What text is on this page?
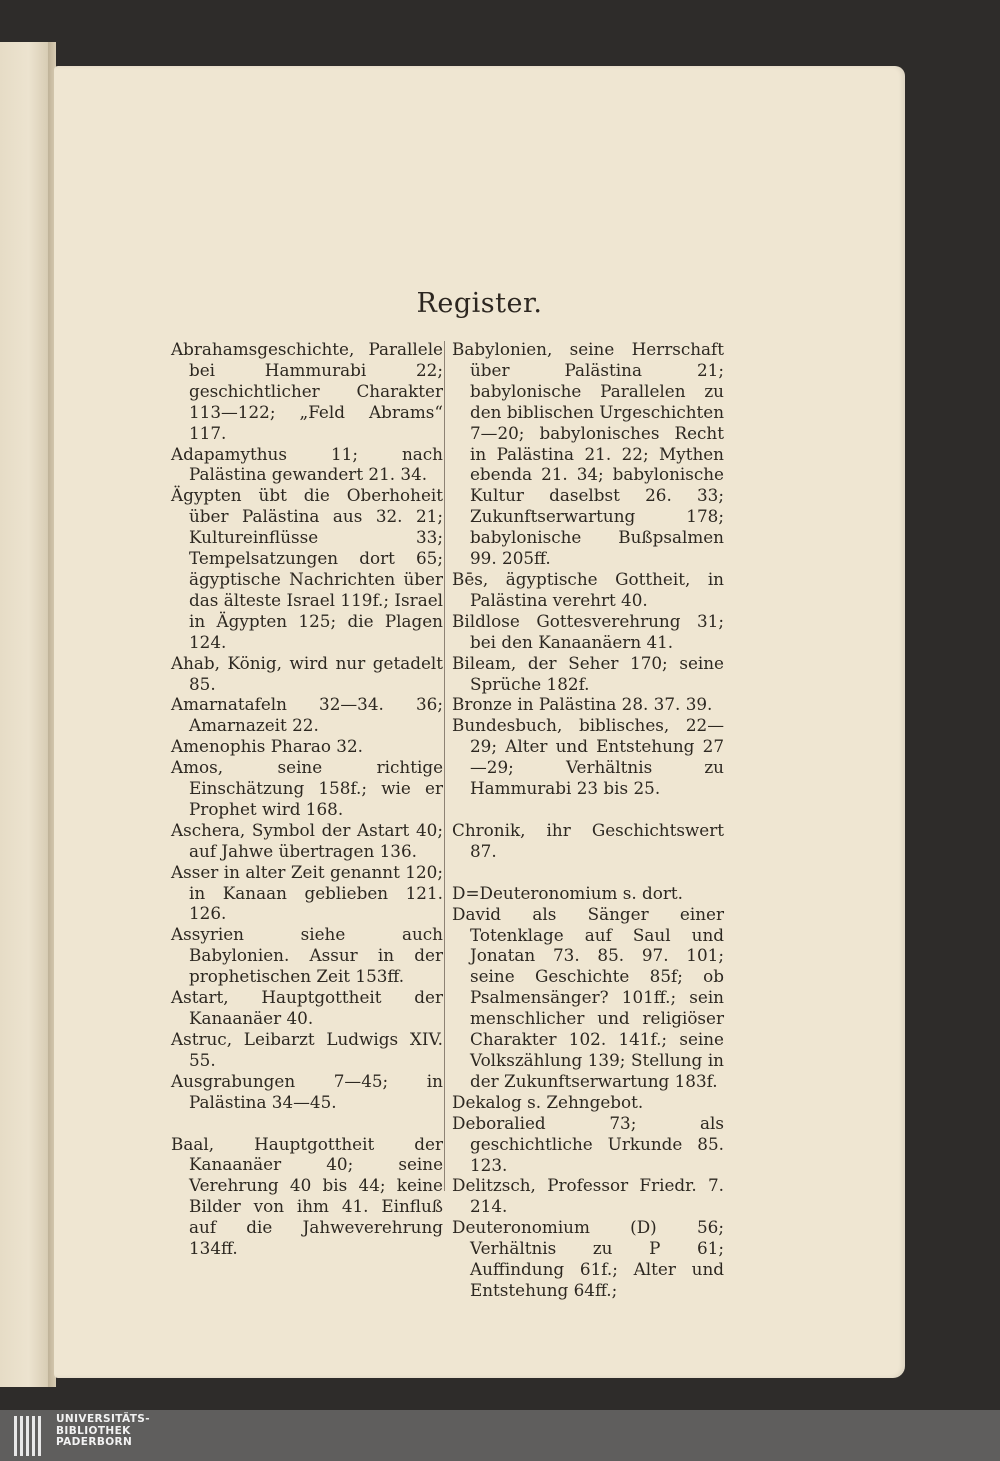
Register.

Abrahamsgeschichte, Parallele bei Hammurabi 22; geschichtlicher Charakter 113—122; „Feld Abrams“ 117.

Adapamythus 11; nach Palästina gewandert 21. 34.

Ägypten übt die Oberhoheit über Palästina aus 32. 21; Kultureinflüsse 33; Tempelsatzungen dort 65; ägyptische Nachrichten über das älteste Israel 119f.; Israel in Ägypten 125; die Plagen 124.

Ahab, König, wird nur getadelt 85.

Amarnatafeln 32—34. 36; Amarnazeit 22.

Amenophis Pharao 32.

Amos, seine richtige Einschätzung 158f.; wie er Prophet wird 168.

Aschera, Symbol der Astart 40; auf Jahwe übertragen 136.

Asser in alter Zeit genannt 120; in Kanaan geblieben 121. 126.

Assyrien siehe auch Babylonien. Assur in der prophetischen Zeit 153ff.

Astart, Hauptgottheit der Kanaanäer 40.

Astruc, Leibarzt Ludwigs XIV. 55.

Ausgrabungen 7—45; in Palästina 34—45.

Baal, Hauptgottheit der Kanaanäer 40; seine Verehrung 40 bis 44; keine Bilder von ihm 41. Einfluß auf die Jahweverehrung 134ff.

Babylonien, seine Herrschaft über Palästina 21; babylonische Parallelen zu den biblischen Urgeschichten 7—20; babylonisches Recht in Palästina 21. 22; Mythen ebenda 21. 34; babylonische Kultur daselbst 26. 33; Zukunftserwartung 178; babylonische Bußpsalmen 99. 205ff.

Bēs, ägyptische Gottheit, in Palästina verehrt 40.

Bildlose Gottesverehrung 31; bei den Kanaanäern 41.

Bileam, der Seher 170; seine Sprüche 182f.

Bronze in Palästina 28. 37. 39.

Bundesbuch, biblisches, 22—29; Alter und Entstehung 27—29; Verhältnis zu Hammurabi 23 bis 25.

Chronik, ihr Geschichtswert 87.

D=Deuteronomium s. dort.

David als Sänger einer Totenklage auf Saul und Jonatan 73. 85. 97. 101; seine Geschichte 85f; ob Psalmensänger? 101ff.; sein menschlicher und religiöser Charakter 102. 141f.; seine Volkszählung 139; Stellung in der Zukunftserwartung 183f.

Dekalog s. Zehngebot.

Deboralied 73; als geschichtliche Urkunde 85. 123.

Delitzsch, Professor Friedr. 7. 214.

Deuteronomium (D) 56; Verhältnis zu P 61; Auffindung 61f.; Alter und Entstehung 64ff.;

UNIVERSITÄTS-
BIBLIOTHEK
PADERBORN
